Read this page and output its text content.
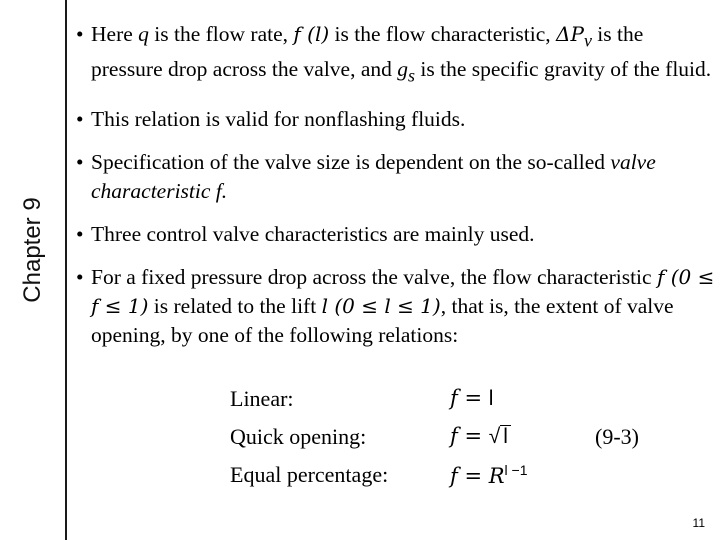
Chapter 9

• Here q is the flow rate, f (l) is the flow characteristic, $\Delta P_v$ is the pressure drop across the valve, and $g_s$ is the specific gravity of the fluid.

• This relation is valid for nonflashing fluids.

• Specification of the valve size is dependent on the so-called valve characteristic f.

• Three control valve characteristics are mainly used.

• For a fixed pressure drop across the valve, the flow characteristic f (0 ≤ f ≤ 1) is related to the lift l (0 ≤ l ≤ 1), that is, the extent of valve opening, by one of the following relations:

Linear:	f = l
Quick opening:	f = √ l	(9-3)
Equal percentage:	$f = R^{l -1}$
11
